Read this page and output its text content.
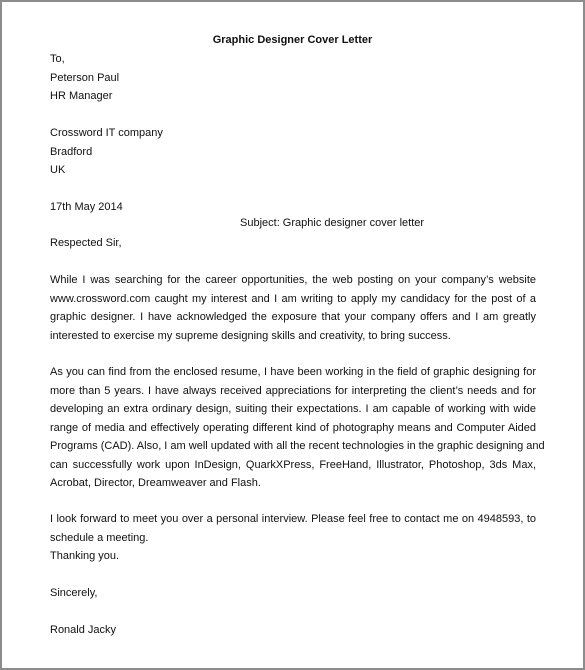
Graphic Designer Cover Letter
To,
Peterson Paul
HR Manager
Crossword IT company
Bradford
UK
17th May 2014
Subject: Graphic designer cover letter
Respected Sir,
While I was searching for the career opportunities, the web posting on your company’s website
www.crossword.com caught my interest and I am writing to apply my candidacy for the post of a
graphic designer. I have acknowledged the exposure that your company offers and I am greatly
interested to exercise my supreme designing skills and creativity, to bring success.
As you can find from the enclosed resume, I have been working in the field of graphic designing for
more than 5 years. I have always received appreciations for interpreting the client’s needs and for
developing an extra ordinary design, suiting their expectations. I am capable of working with wide
range of media and effectively operating different kind of photography means and Computer Aided
Programs (CAD). Also, I am well updated with all the recent technologies in the graphic designing and
can successfully work upon InDesign, QuarkXPress, FreeHand, Illustrator, Photoshop, 3ds Max,
Acrobat, Director, Dreamweaver and Flash.
I look forward to meet you over a personal interview. Please feel free to contact me on 4948593, to
schedule a meeting.
Thanking you.
Sincerely,
Ronald Jacky
